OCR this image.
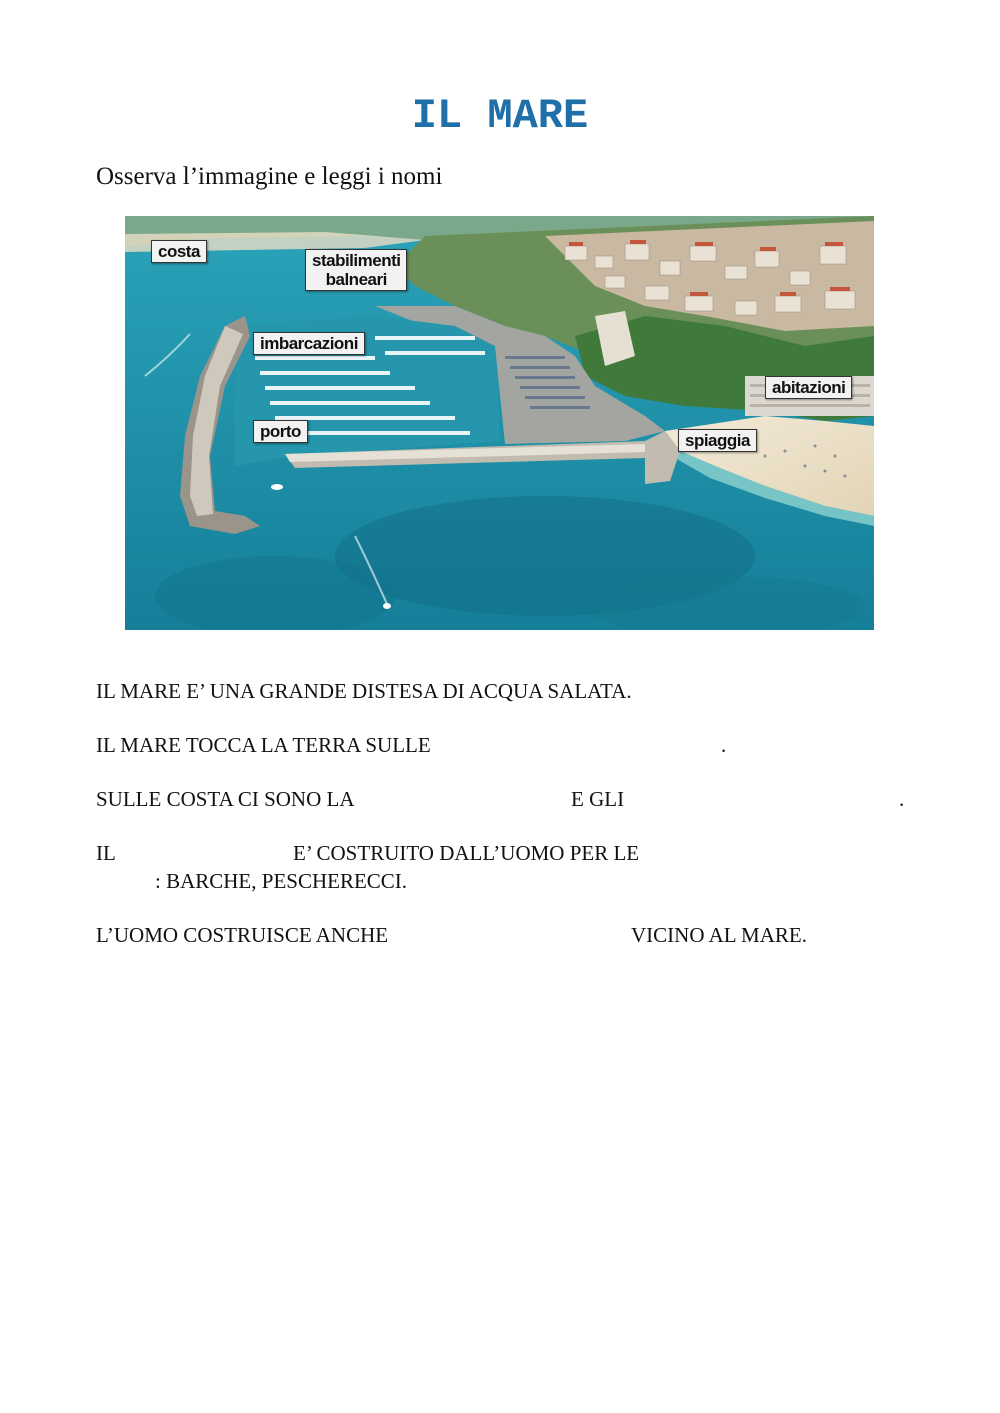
IL MARE
Osserva l’immagine e leggi i nomi
costa	stabilimenti
balneari
imbarcazioni
porto
abitazioni
spiaggia
IL MARE E’ UNA GRANDE DISTESA DI ACQUA SALATA.
IL MARE TOCCA LA TERRA SULLE	.
SULLE COSTA CI SONO LA	E GLI	.
IL	E’ COSTRUITO DALL’UOMO PER LE
: BARCHE, PESCHERECCI.
L’UOMO COSTRUISCE ANCHE	VICINO AL MARE.
